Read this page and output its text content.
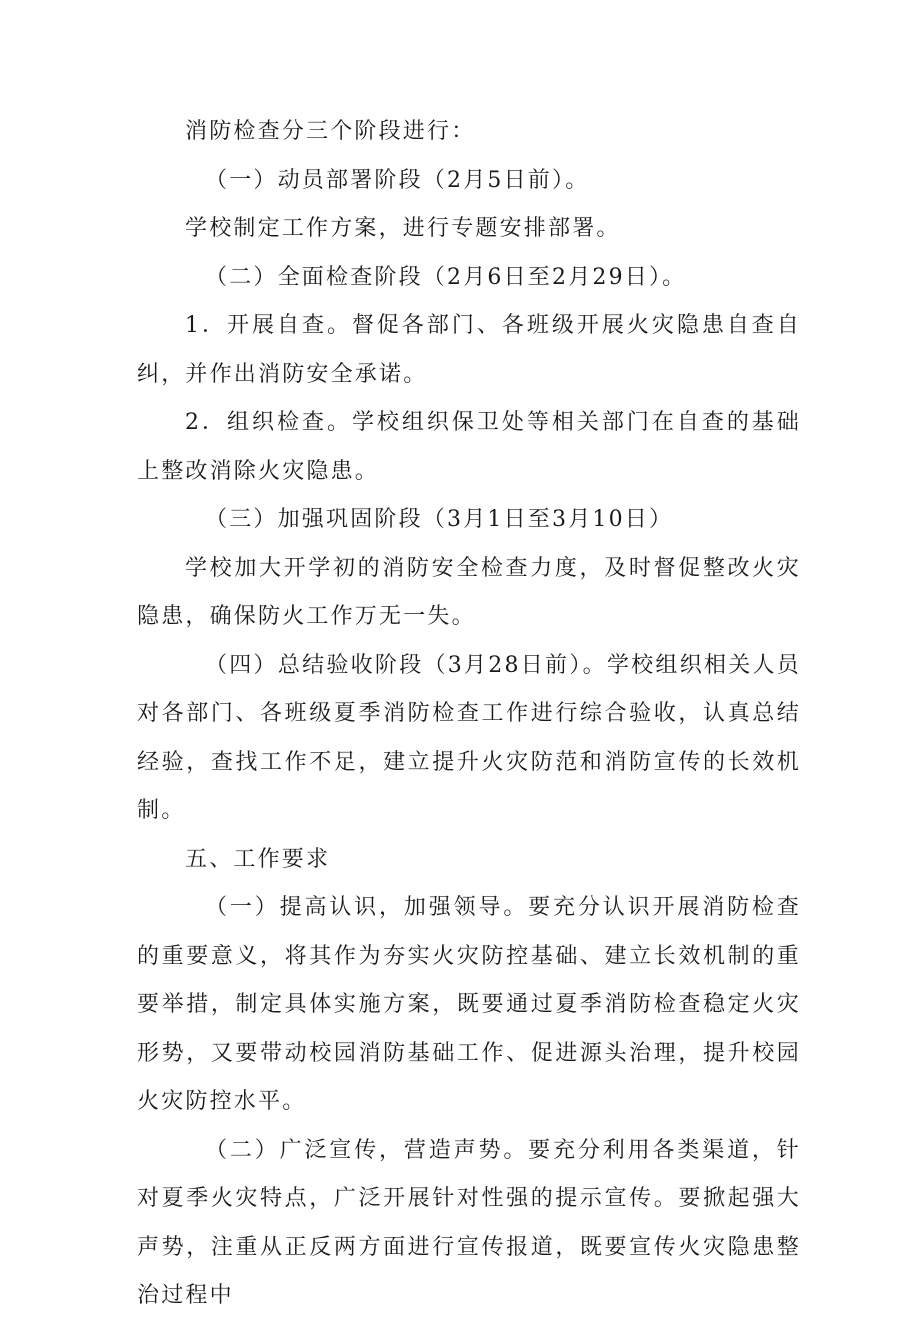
消防检查分三个阶段进行：

（一）动员部署阶段（2月5日前）。

学校制定工作方案，进行专题安排部署。

（二）全面检查阶段（2月6日至2月29日）。

1．开展自查。督促各部门、各班级开展火灾隐患自查自纠，并作出消防安全承诺。

2．组织检查。学校组织保卫处等相关部门在自查的基础上整改消除火灾隐患。

（三）加强巩固阶段（3月1日至3月10日）

学校加大开学初的消防安全检查力度，及时督促整改火灾隐患，确保防火工作万无一失。

（四）总结验收阶段（3月28日前）。学校组织相关人员对各部门、各班级夏季消防检查工作进行综合验收，认真总结经验，查找工作不足，建立提升火灾防范和消防宣传的长效机制。

五、工作要求

（一）提高认识，加强领导。要充分认识开展消防检查的重要意义，将其作为夯实火灾防控基础、建立长效机制的重要举措，制定具体实施方案，既要通过夏季消防检查稳定火灾形势，又要带动校园消防基础工作、促进源头治理，提升校园火灾防控水平。

（二）广泛宣传，营造声势。要充分利用各类渠道，针对夏季火灾特点，广泛开展针对性强的提示宣传。要掀起强大声势，注重从正反两方面进行宣传报道，既要宣传火灾隐患整治过程中
